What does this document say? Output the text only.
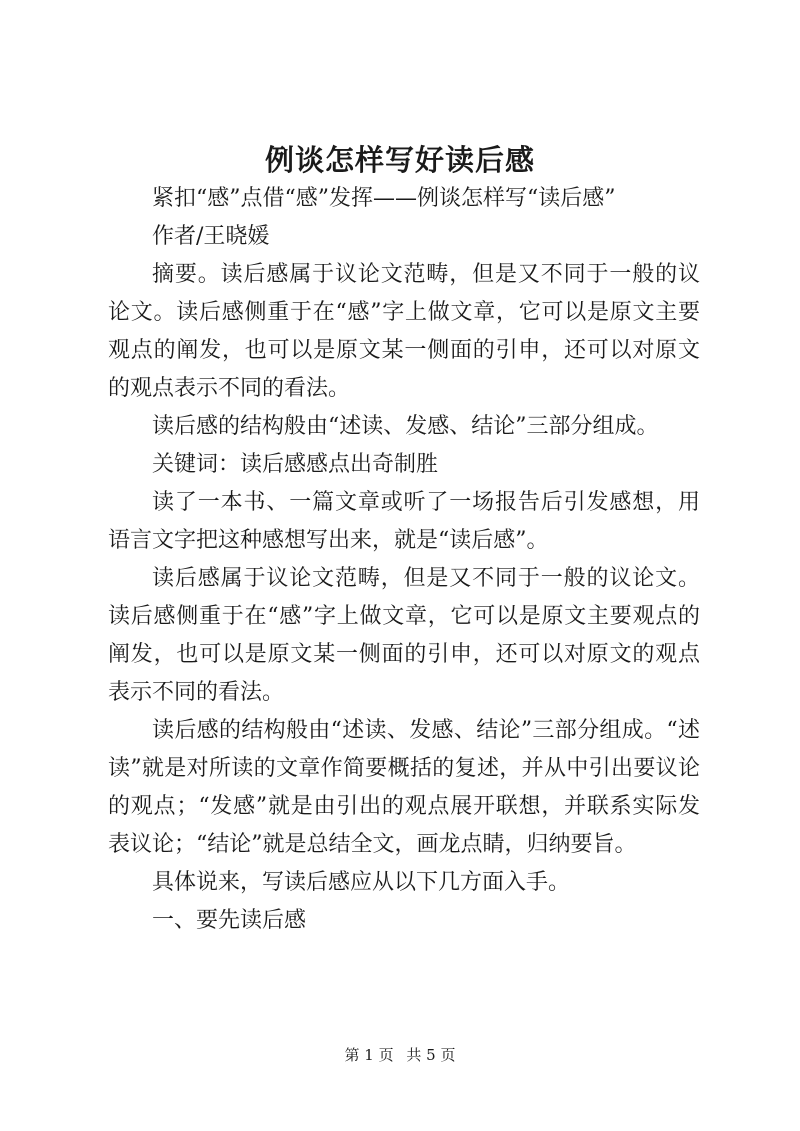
例谈怎样写好读后感

紧扣“感”点借“感”发挥——例谈怎样写“读后感”

作者/王晓媛

摘要。读后感属于议论文范畴，但是又不同于一般的议论文。读后感侧重于在“感”字上做文章，它可以是原文主要观点的阐发，也可以是原文某一侧面的引申，还可以对原文的观点表示不同的看法。

读后感的结构般由“述读、发感、结论”三部分组成。

关键词：读后感感点出奇制胜

读了一本书、一篇文章或听了一场报告后引发感想，用语言文字把这种感想写出来，就是“读后感”。

读后感属于议论文范畴，但是又不同于一般的议论文。读后感侧重于在“感”字上做文章，它可以是原文主要观点的阐发，也可以是原文某一侧面的引申，还可以对原文的观点表示不同的看法。

读后感的结构般由“述读、发感、结论”三部分组成。“述读”就是对所读的文章作简要概括的复述，并从中引出要议论的观点；“发感”就是由引出的观点展开联想，并联系实际发表议论；“结论”就是总结全文，画龙点睛，归纳要旨。

具体说来，写读后感应从以下几方面入手。

一、要先读后感

第 1 页 共 5 页
